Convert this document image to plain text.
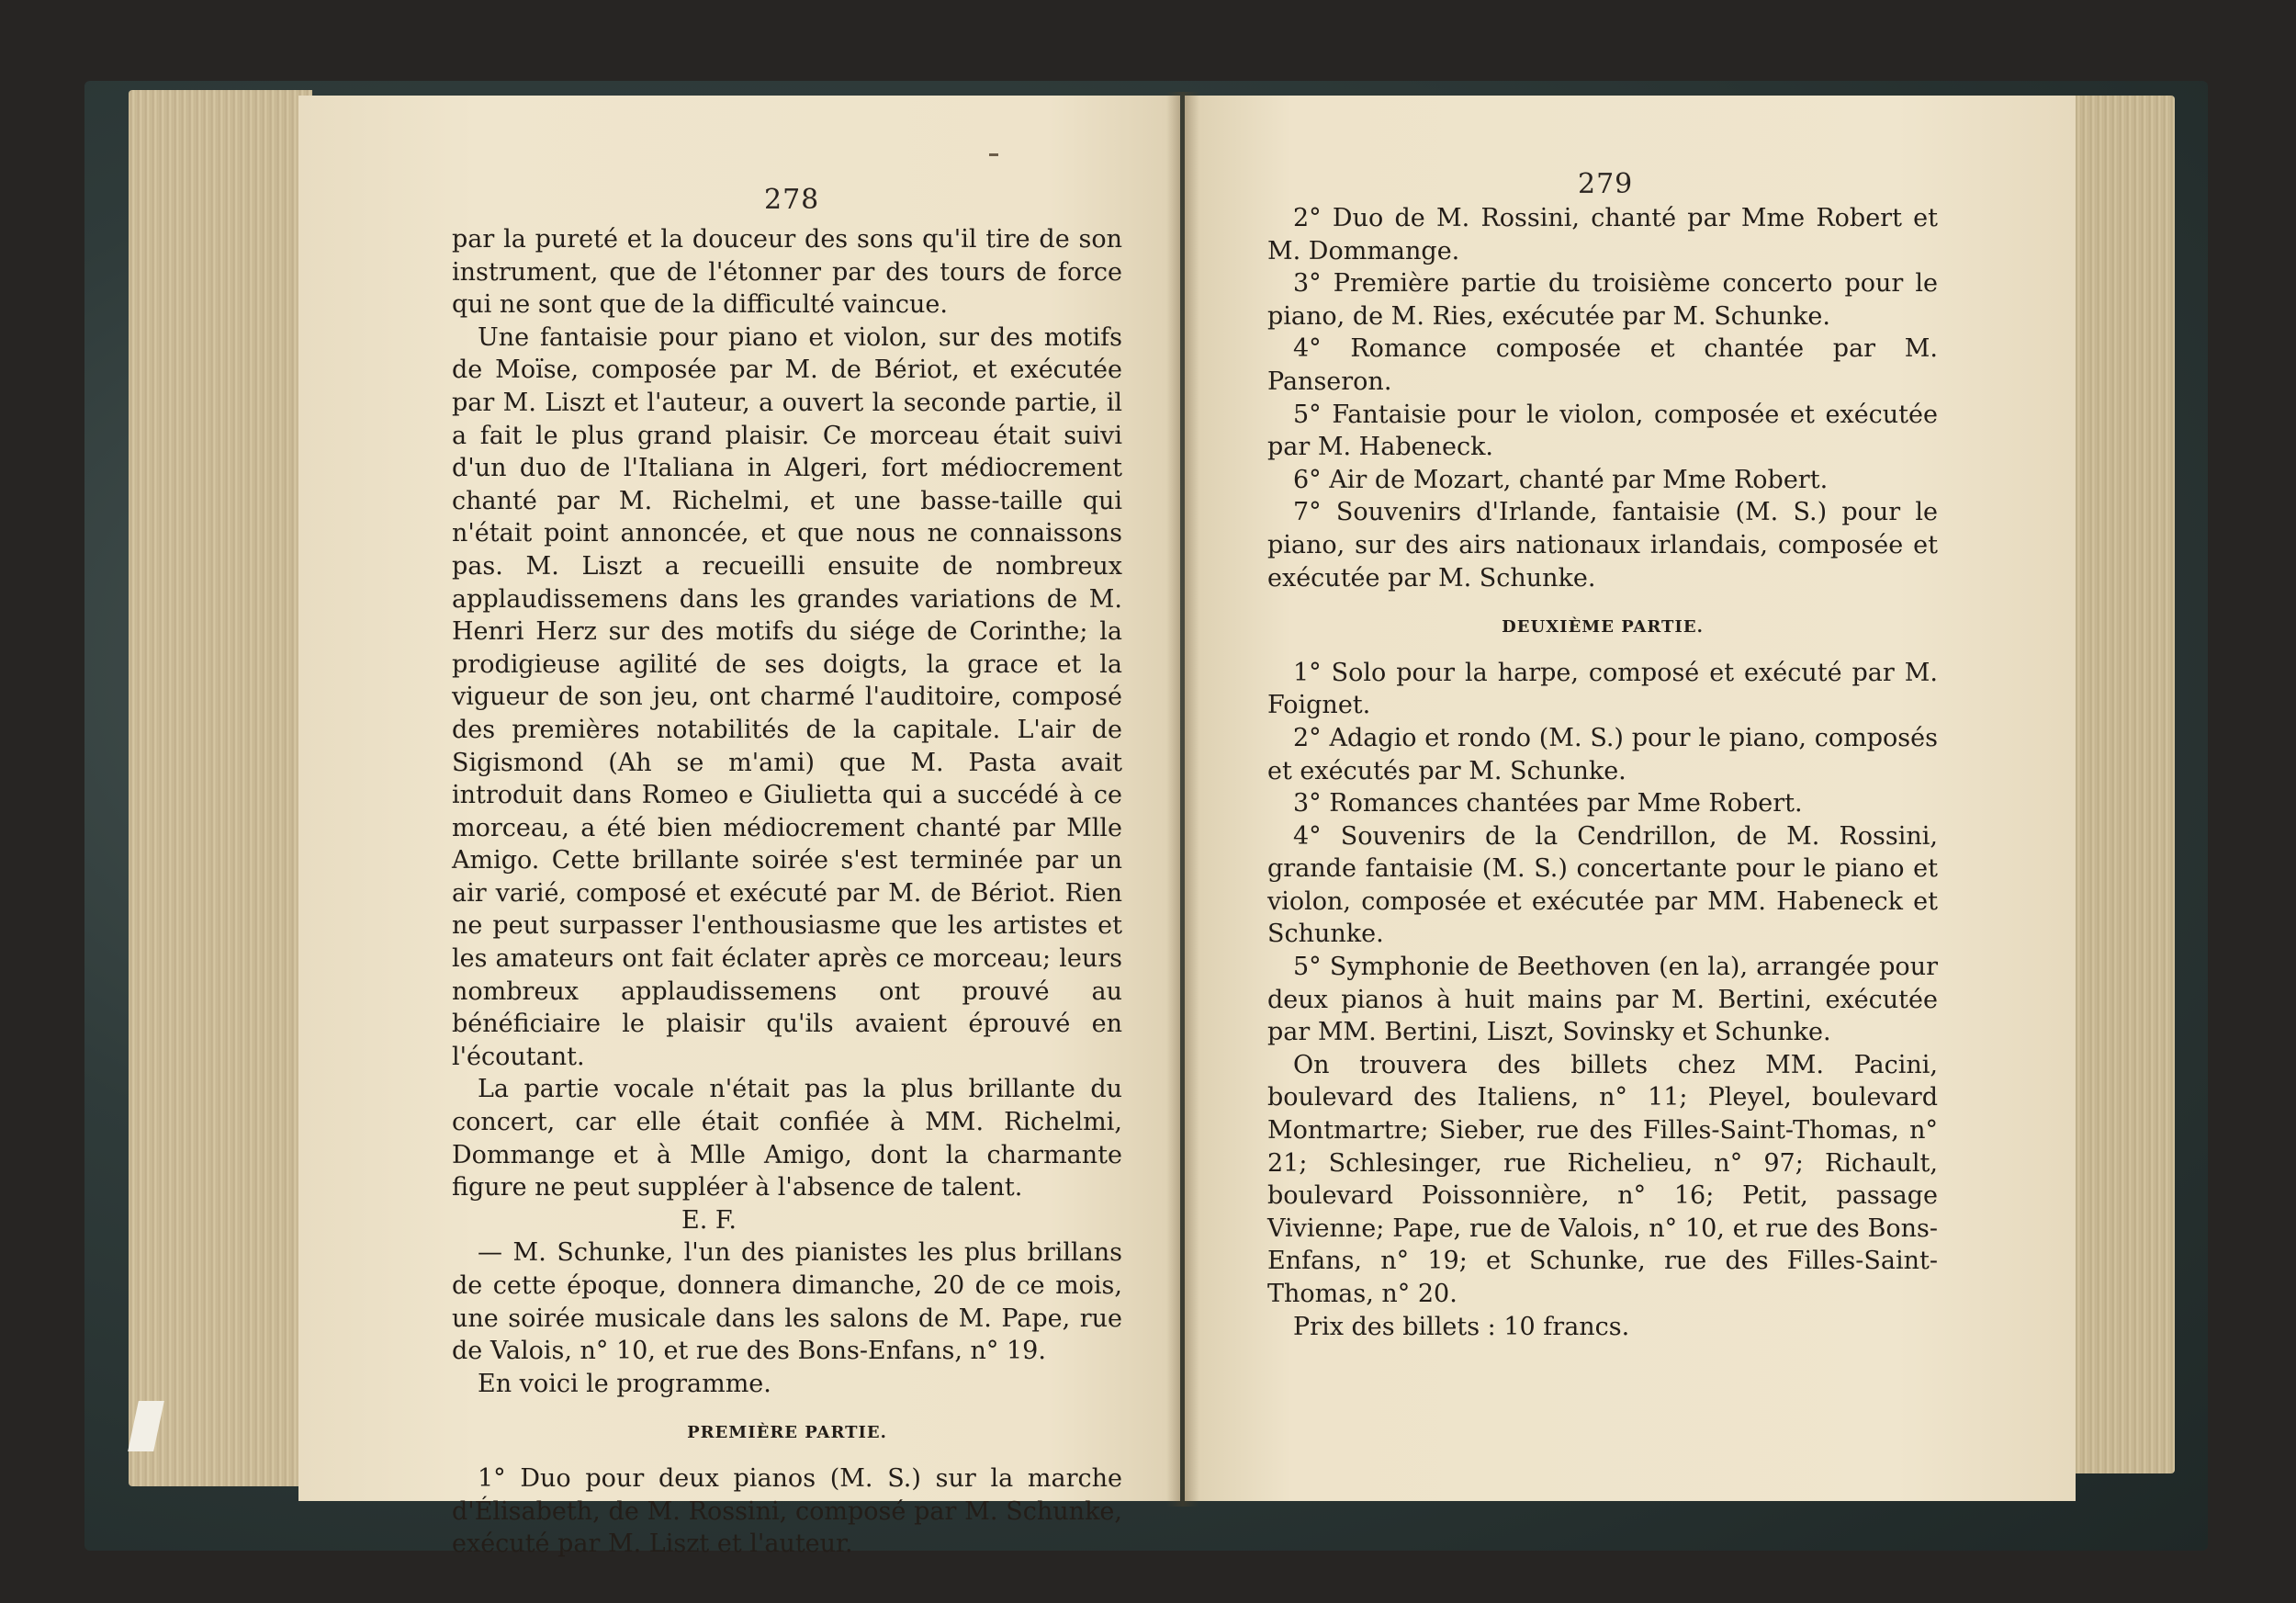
278

par la pureté et la douceur des sons qu'il tire de son instrument, que de l'étonner par des tours de force qui ne sont que de la difficulté vaincue.

Une fantaisie pour piano et violon, sur des motifs de Moïse, composée par M. de Bériot, et exécutée par M. Liszt et l'auteur, a ouvert la seconde partie, il a fait le plus grand plaisir. Ce morceau était suivi d'un duo de l'Italiana in Algeri, fort médiocrement chanté par M. Richelmi, et une basse-taille qui n'était point annoncée, et que nous ne connaissons pas. M. Liszt a recueilli ensuite de nombreux applaudissemens dans les grandes variations de M. Henri Herz sur des motifs du siége de Corinthe; la prodigieuse agilité de ses doigts, la grace et la vigueur de son jeu, ont charmé l'auditoire, composé des premières notabilités de la capitale. L'air de Sigismond (Ah se m'ami) que M. Pasta avait introduit dans Romeo e Giulietta qui a succédé à ce morceau, a été bien médiocrement chanté par Mlle Amigo. Cette brillante soirée s'est terminée par un air varié, composé et exécuté par M. de Bériot. Rien ne peut surpasser l'enthousiasme que les artistes et les amateurs ont fait éclater après ce morceau; leurs nombreux applaudissemens ont prouvé au bénéficiaire le plaisir qu'ils avaient éprouvé en l'écoutant.

La partie vocale n'était pas la plus brillante du concert, car elle était confiée à MM. Richelmi, Dommange et à Mlle Amigo, dont la charmante figure ne peut suppléer à l'absence de talent.

E. F.

— M. Schunke, l'un des pianistes les plus brillans de cette époque, donnera dimanche, 20 de ce mois, une soirée musicale dans les salons de M. Pape, rue de Valois, n° 10, et rue des Bons-Enfans, n° 19.

En voici le programme.

PREMIÈRE PARTIE.

1° Duo pour deux pianos (M. S.) sur la marche d'Élisabeth, de M. Rossini, composé par M. Schunke, exécuté par M. Liszt et l'auteur.

279

2° Duo de M. Rossini, chanté par Mme Robert et M. Dommange.

3° Première partie du troisième concerto pour le piano, de M. Ries, exécutée par M. Schunke.

4° Romance composée et chantée par M. Panseron.

5° Fantaisie pour le violon, composée et exécutée par M. Habeneck.

6° Air de Mozart, chanté par Mme Robert.

7° Souvenirs d'Irlande, fantaisie (M. S.) pour le piano, sur des airs nationaux irlandais, composée et exécutée par M. Schunke.

DEUXIÈME PARTIE.

1° Solo pour la harpe, composé et exécuté par M. Foignet.

2° Adagio et rondo (M. S.) pour le piano, composés et exécutés par M. Schunke.

3° Romances chantées par Mme Robert.

4° Souvenirs de la Cendrillon, de M. Rossini, grande fantaisie (M. S.) concertante pour le piano et violon, composée et exécutée par MM. Habeneck et Schunke.

5° Symphonie de Beethoven (en la), arrangée pour deux pianos à huit mains par M. Bertini, exécutée par MM. Bertini, Liszt, Sovinsky et Schunke.

On trouvera des billets chez MM. Pacini, boulevard des Italiens, n° 11; Pleyel, boulevard Montmartre; Sieber, rue des Filles-Saint-Thomas, n° 21; Schlesinger, rue Richelieu, n° 97; Richault, boulevard Poissonnière, n° 16; Petit, passage Vivienne; Pape, rue de Valois, n° 10, et rue des Bons-Enfans, n° 19; et Schunke, rue des Filles-Saint-Thomas, n° 20.

Prix des billets : 10 francs.
